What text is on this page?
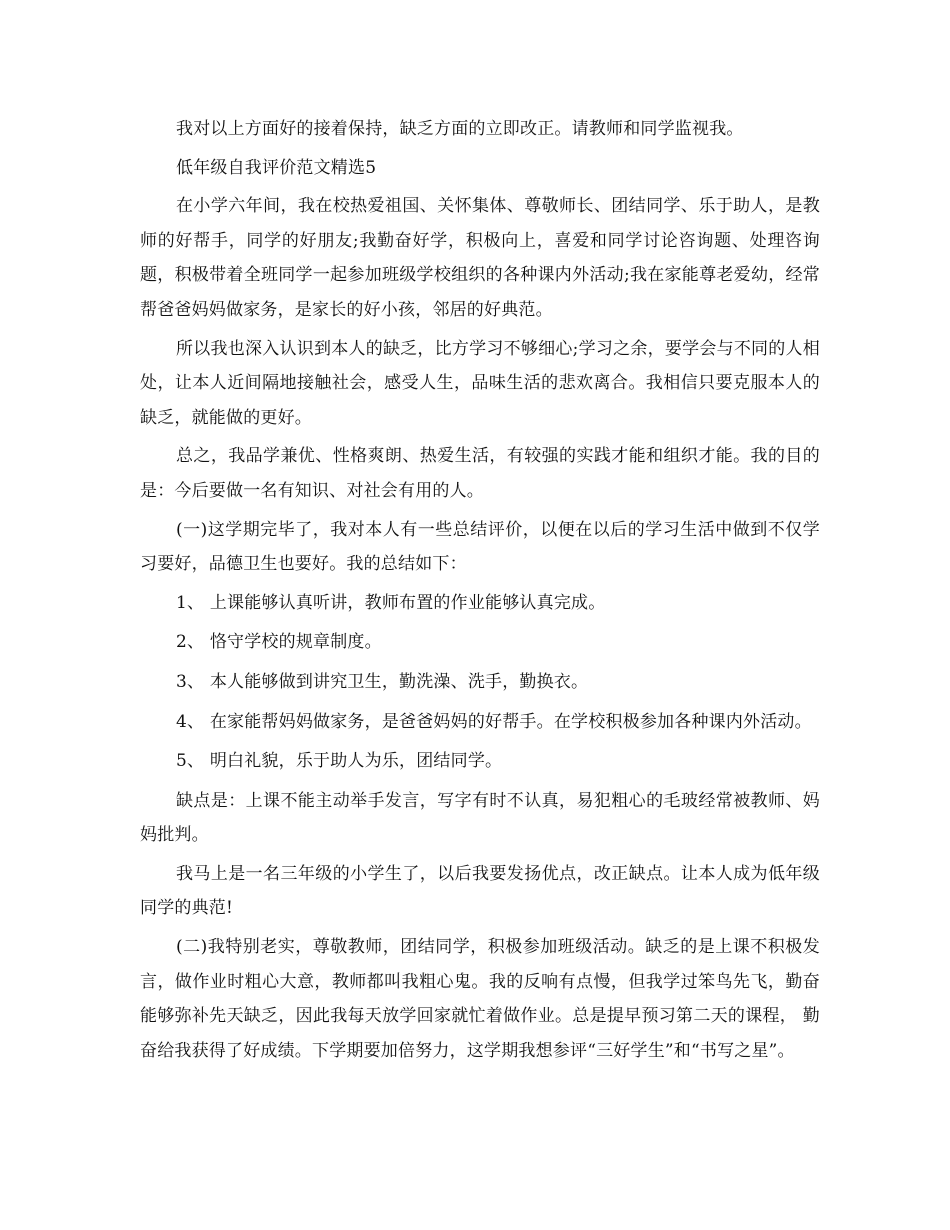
我对以上方面好的接着保持，缺乏方面的立即改正。请教师和同学监视我。

低年级自我评价范文精选5

在小学六年间，我在校热爱祖国、关怀集体、尊敬师长、团结同学、乐于助人，是教师的好帮手，同学的好朋友;我勤奋好学，积极向上，喜爱和同学讨论咨询题、处理咨询题，积极带着全班同学一起参加班级学校组织的各种课内外活动;我在家能尊老爱幼，经常帮爸爸妈妈做家务，是家长的好小孩，邻居的好典范。

所以我也深入认识到本人的缺乏，比方学习不够细心;学习之余，要学会与不同的人相处，让本人近间隔地接触社会，感受人生，品味生活的悲欢离合。我相信只要克服本人的缺乏，就能做的更好。

总之，我品学兼优、性格爽朗、热爱生活，有较强的实践才能和组织才能。我的目的是：今后要做一名有知识、对社会有用的人。

(一)这学期完毕了，我对本人有一些总结评价，以便在以后的学习生活中做到不仅学习要好，品德卫生也要好。我的总结如下：

1、 上课能够认真听讲，教师布置的作业能够认真完成。

2、 恪守学校的规章制度。

3、 本人能够做到讲究卫生，勤洗澡、洗手，勤换衣。

4、 在家能帮妈妈做家务，是爸爸妈妈的好帮手。在学校积极参加各种课内外活动。

5、 明白礼貌，乐于助人为乐，团结同学。

缺点是：上课不能主动举手发言，写字有时不认真，易犯粗心的毛玻经常被教师、妈妈批判。

我马上是一名三年级的小学生了，以后我要发扬优点，改正缺点。让本人成为低年级同学的典范!

(二)我特别老实，尊敬教师，团结同学，积极参加班级活动。缺乏的是上课不积极发言，做作业时粗心大意，教师都叫我粗心鬼。我的反响有点慢，但我学过笨鸟先飞，勤奋能够弥补先天缺乏，因此我每天放学回家就忙着做作业。总是提早预习第二天的课程， 勤奋给我获得了好成绩。下学期要加倍努力，这学期我想参评“三好学生”和“书写之星”。
